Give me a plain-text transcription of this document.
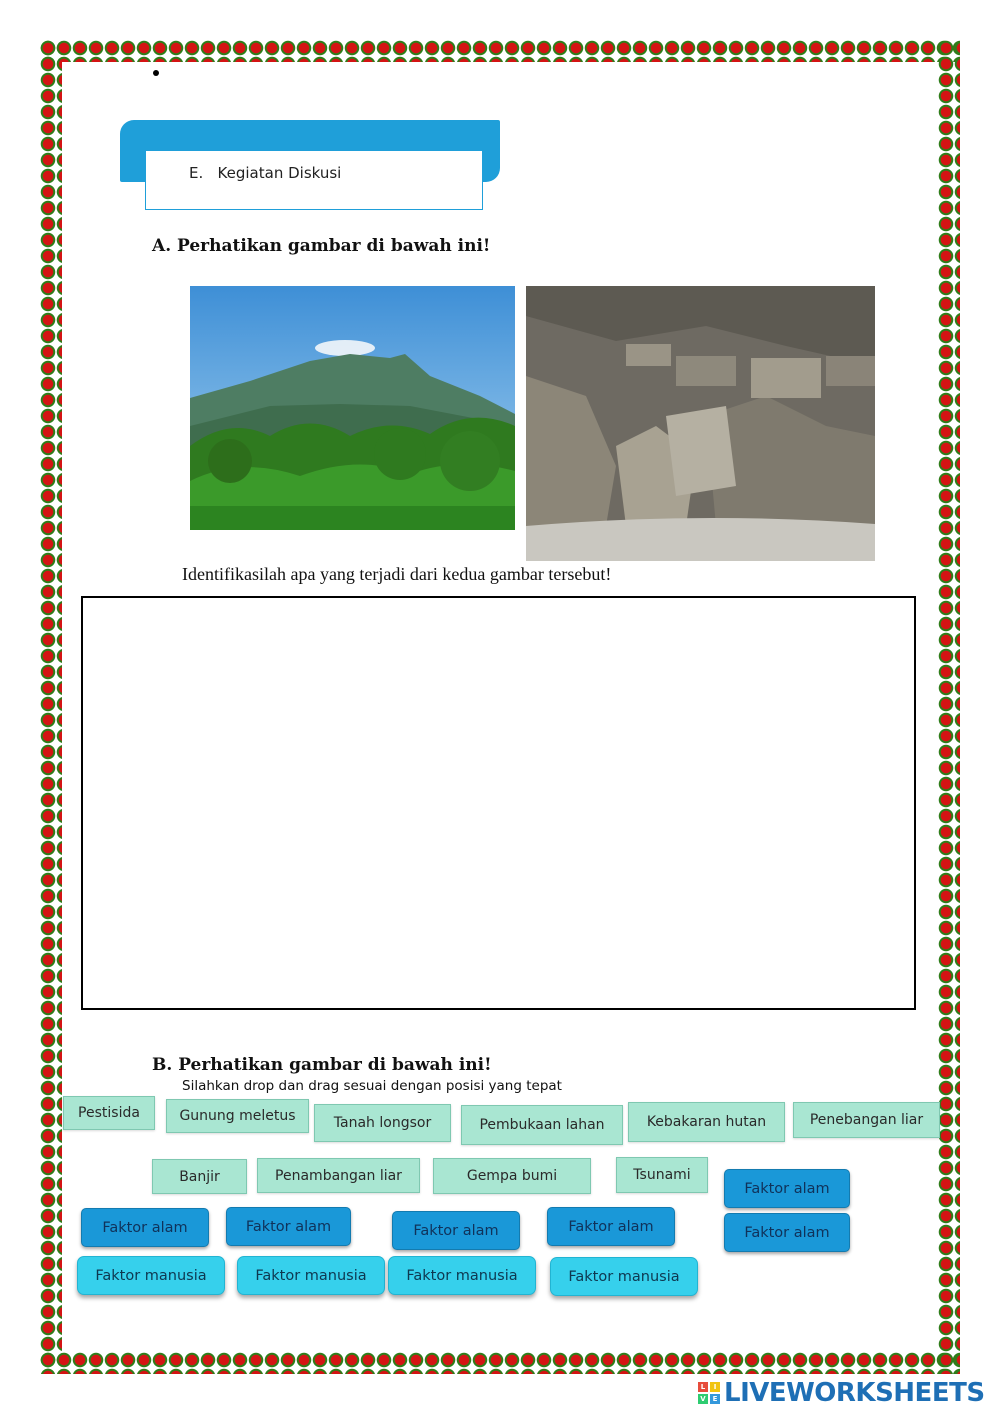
E.   Kegiatan Diskusi
A. Perhatikan gambar di bawah ini!
Identifikasilah apa yang terjadi dari kedua gambar tersebut!
B. Perhatikan gambar di bawah ini!
Silahkan drop dan drag sesuai dengan posisi yang tepat
Pestisida	Gunung meletus	Tanah longsor	Pembukaan lahan	Kebakaran hutan	Penebangan liar
Banjir	Penambangan liar	Gempa bumi	Tsunami
Faktor alam
Faktor alam
Faktor alam	Faktor alam	Faktor alam	Faktor alam
Faktor manusia	Faktor manusia	Faktor manusia	Faktor manusia
L	I
V E LIVEWORKSHEETS
